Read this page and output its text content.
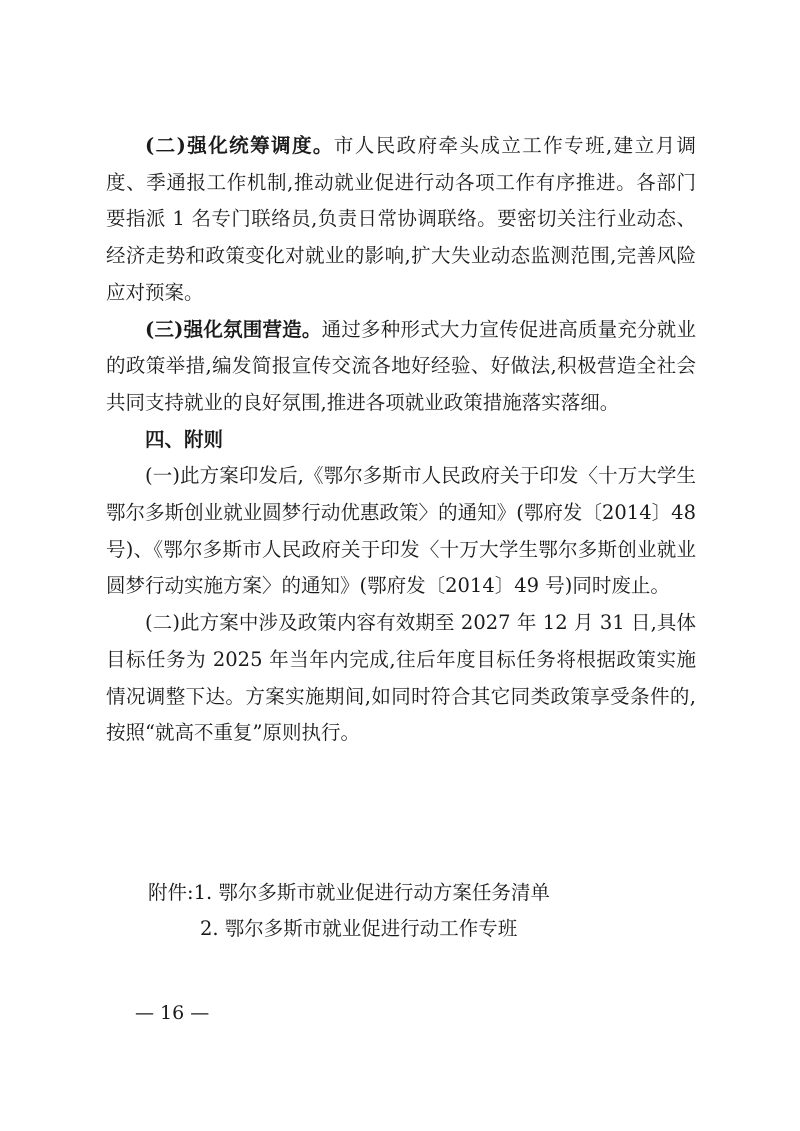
(二)强化统筹调度。市人民政府牵头成立工作专班,建立月调度、季通报工作机制,推动就业促进行动各项工作有序推进。各部门要指派 1 名专门联络员,负责日常协调联络。要密切关注行业动态、经济走势和政策变化对就业的影响,扩大失业动态监测范围,完善风险应对预案。

(三)强化氛围营造。通过多种形式大力宣传促进高质量充分就业的政策举措,编发简报宣传交流各地好经验、好做法,积极营造全社会共同支持就业的良好氛围,推进各项就业政策措施落实落细。

四、附则

(一)此方案印发后,《鄂尔多斯市人民政府关于印发〈十万大学生鄂尔多斯创业就业圆梦行动优惠政策〉的通知》(鄂府发〔2014〕48 号)、《鄂尔多斯市人民政府关于印发〈十万大学生鄂尔多斯创业就业圆梦行动实施方案〉的通知》(鄂府发〔2014〕49 号)同时废止。

(二)此方案中涉及政策内容有效期至 2027 年 12 月 31 日,具体目标任务为 2025 年当年内完成,往后年度目标任务将根据政策实施情况调整下达。方案实施期间,如同时符合其它同类政策享受条件的,按照“就高不重复”原则执行。

附件:1. 鄂尔多斯市就业促进行动方案任务清单
2. 鄂尔多斯市就业促进行动工作专班
— 16 —
